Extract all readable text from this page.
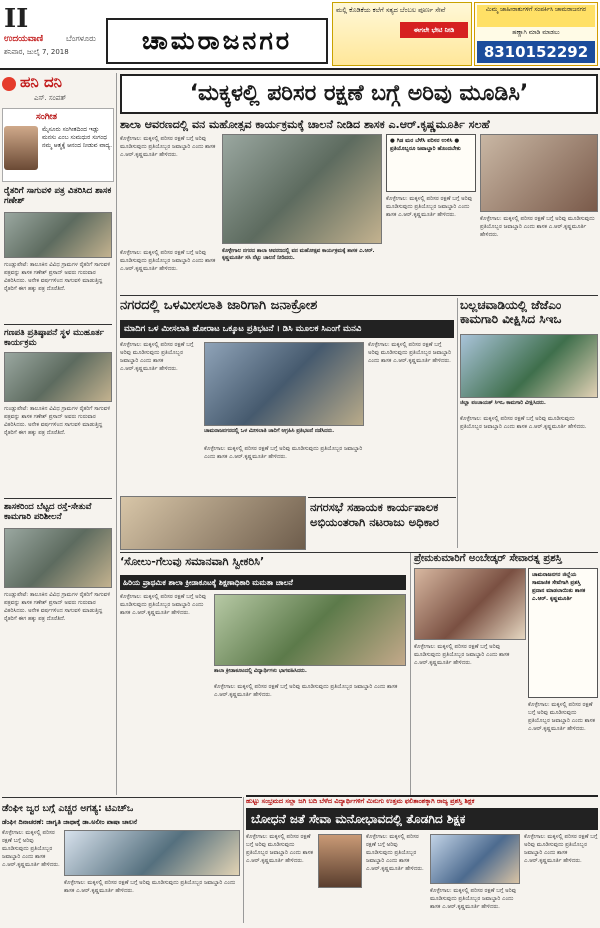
II
ಉದಯವಾಣಿ	ಬೆಂಗಳೂರು
ಶನಿವಾರ, ಜುಲೈ 7, 2018	ಚಾಮರಾಜನಗರ
ಮಲ್ಲಿ ಕೊಡಿಕೆಯ ಕಲೆಗೆ ಸತ್ಯದ ಬೆಂಬಲ ಪೂರ್ಣ ಸೇವೆ
ಈಗಲೇ ಭೇಟಿ ನೀಡಿ
ಮಿಮ್ಮ ಜಾಹೀರಾತುಗಳಿಗೆ ಸಂಪರ್ಕಿಸಿ ಚಾಮರಾಜನಗರ
ಹಣ್ಣಾಗಿ ಮಾಡಿ ಮಾಡಲು
8310152292
ಹನಿ ದನಿ
ಎಸ್. ಸಂಪತ್
ಸಂಗೀತ
ಮೈಸೂರು ಸಂಗೀತದಿಂದ ಇಡ್ಲು ಮನಸು ಎಂಬ ಸುಮಧುರ ಸುಗಂಧ ನಮ್ಮ ಆತ್ಮಕ್ಕೆ ಆನಂದ ನೀಡುವ ವಾದ್ಯ.
ರೈತರಿಗೆ ಸಾಗುವಳಿ ಪತ್ರ ವಿತರಿಸಿದ ಶಾಸಕ ಗಣೇಶ್
ಗುಂಡ್ಲುಪೇಟೆ: ತಾಲೂಕಿನ ವಿವಿಧ ಗ್ರಾಮಗಳ ರೈತರಿಗೆ ಸಾಗುವಳಿ ಪತ್ರವನ್ನು ಶಾಸಕ ಗಣೇಶ್ ಪ್ರಸಾದ್ ಅವರು ಗುರುವಾರ ವಿತರಿಸಿದರು. ಅನೇಕ ವರ್ಷಗಳಿಂದ ಸಾಗುವಳಿ ಮಾಡುತ್ತಿದ್ದ ರೈತರಿಗೆ ಈಗ ಹಕ್ಕು ಪತ್ರ ದೊರೆತಿದೆ.
ಗಣಪತಿ ಪ್ರತಿಷ್ಠಾಪನೆ ಸ್ಥಳ ಮುಹೂರ್ತ ಕಾರ್ಯಕ್ರಮ
ಗುಂಡ್ಲುಪೇಟೆ: ತಾಲೂಕಿನ ವಿವಿಧ ಗ್ರಾಮಗಳ ರೈತರಿಗೆ ಸಾಗುವಳಿ ಪತ್ರವನ್ನು ಶಾಸಕ ಗಣೇಶ್ ಪ್ರಸಾದ್ ಅವರು ಗುರುವಾರ ವಿತರಿಸಿದರು. ಅನೇಕ ವರ್ಷಗಳಿಂದ ಸಾಗುವಳಿ ಮಾಡುತ್ತಿದ್ದ ರೈತರಿಗೆ ಈಗ ಹಕ್ಕು ಪತ್ರ ದೊರೆತಿದೆ.
ಶಾಸಕರಿಂದ ಬೆಟ್ಟದ ರಸ್ತೆ-ಸೇತುವೆ ಕಾಮಗಾರಿ ಪರಿಶೀಲನೆ
ಗುಂಡ್ಲುಪೇಟೆ: ತಾಲೂಕಿನ ವಿವಿಧ ಗ್ರಾಮಗಳ ರೈತರಿಗೆ ಸಾಗುವಳಿ ಪತ್ರವನ್ನು ಶಾಸಕ ಗಣೇಶ್ ಪ್ರಸಾದ್ ಅವರು ಗುರುವಾರ ವಿತರಿಸಿದರು. ಅನೇಕ ವರ್ಷಗಳಿಂದ ಸಾಗುವಳಿ ಮಾಡುತ್ತಿದ್ದ ರೈತರಿಗೆ ಈಗ ಹಕ್ಕು ಪತ್ರ ದೊರೆತಿದೆ.
‘ಮಕ್ಕಳಲ್ಲಿ ಪರಿಸರ ರಕ್ಷಣೆ ಬಗ್ಗೆ ಅರಿವು ಮೂಡಿಸಿ’
ಶಾಲಾ ಆವರಣದಲ್ಲಿ ವನ ಮಹೋತ್ಸವ ಕಾರ್ಯಕ್ರಮಕ್ಕೆ ಚಾಲನೆ ನೀಡಿದ ಶಾಸಕ ಎ.ಆರ್.ಕೃಷ್ಣಮೂರ್ತಿ ಸಲಹೆ
ಕೊಳ್ಳೇಗಾಲ: ಮಕ್ಕಳಲ್ಲಿ ಪರಿಸರ ರಕ್ಷಣೆ ಬಗ್ಗೆ ಅರಿವು ಮೂಡಿಸುವುದು ಪ್ರತಿಯೊಬ್ಬರ ಜವಾಬ್ದಾರಿ ಎಂದು ಶಾಸಕ ಎ.ಆರ್.ಕೃಷ್ಣಮೂರ್ತಿ ಹೇಳಿದರು.
● ಗಿಡ ಮರ ಬೆಳೆಸಿ ಪರಿಸರ ಉಳಿಸಿ ● ಪ್ರತಿಯೊಬ್ಬರೂ ಜವಾಬ್ದಾರಿ ಹೊಂದಬೇಕು
ಕೊಳ್ಳೇಗಾಲ: ಮಕ್ಕಳಲ್ಲಿ ಪರಿಸರ ರಕ್ಷಣೆ ಬಗ್ಗೆ ಅರಿವು ಮೂಡಿಸುವುದು ಪ್ರತಿಯೊಬ್ಬರ ಜವಾಬ್ದಾರಿ ಎಂದು ಶಾಸಕ ಎ.ಆರ್.ಕೃಷ್ಣಮೂರ್ತಿ ಹೇಳಿದರು.
ಕೊಳ್ಳೇಗಾಲ: ಮಕ್ಕಳಲ್ಲಿ ಪರಿಸರ ರಕ್ಷಣೆ ಬಗ್ಗೆ ಅರಿವು ಮೂಡಿಸುವುದು ಪ್ರತಿಯೊಬ್ಬರ ಜವಾಬ್ದಾರಿ ಎಂದು ಶಾಸಕ ಎ.ಆರ್.ಕೃಷ್ಣಮೂರ್ತಿ ಹೇಳಿದರು.
ಕೊಳ್ಳೇಗಾಲ ನಗರದ ಶಾಲಾ ಆವರಣದಲ್ಲಿ ವನ ಮಹೋತ್ಸವ ಕಾರ್ಯಕ್ರಮಕ್ಕೆ ಶಾಸಕ ಎ.ಆರ್. ಕೃಷ್ಣಮೂರ್ತಿ ಸಸಿ ನೆಟ್ಟು ಚಾಲನೆ ನೀಡಿದರು.
ಕೊಳ್ಳೇಗಾಲ: ಮಕ್ಕಳಲ್ಲಿ ಪರಿಸರ ರಕ್ಷಣೆ ಬಗ್ಗೆ ಅರಿವು ಮೂಡಿಸುವುದು ಪ್ರತಿಯೊಬ್ಬರ ಜವಾಬ್ದಾರಿ ಎಂದು ಶಾಸಕ ಎ.ಆರ್.ಕೃಷ್ಣಮೂರ್ತಿ ಹೇಳಿದರು.
ನಗರದಲ್ಲಿ ಒಳಮೀಸಲಾತಿ ಜಾರಿಗಾಗಿ ಜನಾಕ್ರೋಶ
ಮಾದಿಗ ಒಳ ಮೀಸಲಾತಿ ಹೋರಾಟ ಒಕ್ಕೂಟ ಪ್ರತಿಭಟನೆ । ಡಿಸಿ ಮೂಲಕ ಸಿಎಂಗೆ ಮನವಿ
ಕೊಳ್ಳೇಗಾಲ: ಮಕ್ಕಳಲ್ಲಿ ಪರಿಸರ ರಕ್ಷಣೆ ಬಗ್ಗೆ ಅರಿವು ಮೂಡಿಸುವುದು ಪ್ರತಿಯೊಬ್ಬರ ಜವಾಬ್ದಾರಿ ಎಂದು ಶಾಸಕ ಎ.ಆರ್.ಕೃಷ್ಣಮೂರ್ತಿ ಹೇಳಿದರು.
ಚಾಮರಾಜನಗರದಲ್ಲಿ ಒಳ ಮೀಸಲಾತಿ ಜಾರಿಗೆ ಆಗ್ರಹಿಸಿ ಪ್ರತಿಭಟನೆ ನಡೆಸಿದರು.
ಕೊಳ್ಳೇಗಾಲ: ಮಕ್ಕಳಲ್ಲಿ ಪರಿಸರ ರಕ್ಷಣೆ ಬಗ್ಗೆ ಅರಿವು ಮೂಡಿಸುವುದು ಪ್ರತಿಯೊಬ್ಬರ ಜವಾಬ್ದಾರಿ ಎಂದು ಶಾಸಕ ಎ.ಆರ್.ಕೃಷ್ಣಮೂರ್ತಿ ಹೇಳಿದರು.
ಕೊಳ್ಳೇಗಾಲ: ಮಕ್ಕಳಲ್ಲಿ ಪರಿಸರ ರಕ್ಷಣೆ ಬಗ್ಗೆ ಅರಿವು ಮೂಡಿಸುವುದು ಪ್ರತಿಯೊಬ್ಬರ ಜವಾಬ್ದಾರಿ ಎಂದು ಶಾಸಕ ಎ.ಆರ್.ಕೃಷ್ಣಮೂರ್ತಿ ಹೇಳಿದರು.
ಬಲ್ಲಚವಾಡಿಯಲ್ಲಿ ಜೆಜೆಎಂ ಕಾಮಗಾರಿ ವೀಕ್ಷಿಸಿದ ಸಿಇಒ
ಜಿಲ್ಲಾ ಪಂಚಾಯತ್ ಸಿಇಒ ಕಾಮಗಾರಿ ವೀಕ್ಷಿಸಿದರು.
ಕೊಳ್ಳೇಗಾಲ: ಮಕ್ಕಳಲ್ಲಿ ಪರಿಸರ ರಕ್ಷಣೆ ಬಗ್ಗೆ ಅರಿವು ಮೂಡಿಸುವುದು ಪ್ರತಿಯೊಬ್ಬರ ಜವಾಬ್ದಾರಿ ಎಂದು ಶಾಸಕ ಎ.ಆರ್.ಕೃಷ್ಣಮೂರ್ತಿ ಹೇಳಿದರು.
ನಗರಸಭೆ ಸಹಾಯಕ ಕಾರ್ಯಪಾಲಕ ಅಭಿಯಂತರಾಗಿ ನಟರಾಜು ಅಧಿಕಾರ
‘ಸೋಲು-ಗೆಲುವು ಸಮಾನವಾಗಿ ಸ್ವೀಕರಿಸಿ’
ಹಿರಿಯ ಪ್ರಾಥಮಿಕ ಶಾಲಾ ಕ್ರೀಡಾಕೂಟಕ್ಕೆ ಶಿಕ್ಷಣಾಧಿಕಾರಿ ಮಮತಾ ಚಾಲನೆ
ಕೊಳ್ಳೇಗಾಲ: ಮಕ್ಕಳಲ್ಲಿ ಪರಿಸರ ರಕ್ಷಣೆ ಬಗ್ಗೆ ಅರಿವು ಮೂಡಿಸುವುದು ಪ್ರತಿಯೊಬ್ಬರ ಜವಾಬ್ದಾರಿ ಎಂದು ಶಾಸಕ ಎ.ಆರ್.ಕೃಷ್ಣಮೂರ್ತಿ ಹೇಳಿದರು.
ಶಾಲಾ ಕ್ರೀಡಾಕೂಟದಲ್ಲಿ ವಿದ್ಯಾರ್ಥಿಗಳು ಭಾಗವಹಿಸಿದರು.
ಕೊಳ್ಳೇಗಾಲ: ಮಕ್ಕಳಲ್ಲಿ ಪರಿಸರ ರಕ್ಷಣೆ ಬಗ್ಗೆ ಅರಿವು ಮೂಡಿಸುವುದು ಪ್ರತಿಯೊಬ್ಬರ ಜವಾಬ್ದಾರಿ ಎಂದು ಶಾಸಕ ಎ.ಆರ್.ಕೃಷ್ಣಮೂರ್ತಿ ಹೇಳಿದರು.
ಪ್ರೇಮಕುಮಾರಿಗೆ ಅಂಬೇಡ್ಕರ್ ಸೇವಾರತ್ನ ಪ್ರಶಸ್ತಿ
ಚಾಮರಾಜನಗರ ಜಿಲ್ಲೆಯ ಸಾಮಾಜಿಕ ಸೇವೆಗಾಗಿ ಪ್ರಶಸ್ತಿ ಪ್ರದಾನ ಮಾಡಲಾಯಿತು ಶಾಸಕ ಎ.ಆರ್. ಕೃಷ್ಣಮೂರ್ತಿ
ಕೊಳ್ಳೇಗಾಲ: ಮಕ್ಕಳಲ್ಲಿ ಪರಿಸರ ರಕ್ಷಣೆ ಬಗ್ಗೆ ಅರಿವು ಮೂಡಿಸುವುದು ಪ್ರತಿಯೊಬ್ಬರ ಜವಾಬ್ದಾರಿ ಎಂದು ಶಾಸಕ ಎ.ಆರ್.ಕೃಷ್ಣಮೂರ್ತಿ ಹೇಳಿದರು.
ಕೊಳ್ಳೇಗಾಲ: ಮಕ್ಕಳಲ್ಲಿ ಪರಿಸರ ರಕ್ಷಣೆ ಬಗ್ಗೆ ಅರಿವು ಮೂಡಿಸುವುದು ಪ್ರತಿಯೊಬ್ಬರ ಜವಾಬ್ದಾರಿ ಎಂದು ಶಾಸಕ ಎ.ಆರ್.ಕೃಷ್ಣಮೂರ್ತಿ ಹೇಳಿದರು.
ಡೆಂಘೀ ಜ್ವರ ಬಗ್ಗೆ ಎಚ್ಚರ ಅಗತ್ಯ: ಟಿಎಚ್ಒ
ಡೆಂಘೀ ದಿನಾಚರಣೆ: ಜಾಗೃತಿ ಜಾಥಾಕ್ಕೆ ಡಾ.ಅಲೀಂ ಪಾಷಾ ಚಾಲನೆ
ಕೊಳ್ಳೇಗಾಲ: ಮಕ್ಕಳಲ್ಲಿ ಪರಿಸರ ರಕ್ಷಣೆ ಬಗ್ಗೆ ಅರಿವು ಮೂಡಿಸುವುದು ಪ್ರತಿಯೊಬ್ಬರ ಜವಾಬ್ದಾರಿ ಎಂದು ಶಾಸಕ ಎ.ಆರ್.ಕೃಷ್ಣಮೂರ್ತಿ ಹೇಳಿದರು.
ಕೊಳ್ಳೇಗಾಲ: ಮಕ್ಕಳಲ್ಲಿ ಪರಿಸರ ರಕ್ಷಣೆ ಬಗ್ಗೆ ಅರಿವು ಮೂಡಿಸುವುದು ಪ್ರತಿಯೊಬ್ಬರ ಜವಾಬ್ದಾರಿ ಎಂದು ಶಾಸಕ ಎ.ಆರ್.ಕೃಷ್ಣಮೂರ್ತಿ ಹೇಳಿದರು.
ಹುಟ್ಟು ಸಂಭ್ರಮದ ಸಲ್ಲಾ ಜಗಿ ಬದಿ ಬೆಳೆದ ವಿದ್ಯಾರ್ಥಿಗಳಿಗೆ ಮಿನುಗು ಉತ್ತಮ ಫಲಿತಾಂಶಕ್ಕಾಗಿ ರಾಜ್ಯ ಪ್ರಶಸ್ತಿ ಶಿಕ್ಷಕ
ಬೋಧನೆ ಜತೆ ಸೇವಾ ಮನೋಭಾವದಲ್ಲಿ ತೊಡಗಿದ ಶಿಕ್ಷಕ
ಕೊಳ್ಳೇಗಾಲ: ಮಕ್ಕಳಲ್ಲಿ ಪರಿಸರ ರಕ್ಷಣೆ ಬಗ್ಗೆ ಅರಿವು ಮೂಡಿಸುವುದು ಪ್ರತಿಯೊಬ್ಬರ ಜವಾಬ್ದಾರಿ ಎಂದು ಶಾಸಕ ಎ.ಆರ್.ಕೃಷ್ಣಮೂರ್ತಿ ಹೇಳಿದರು.
ಕೊಳ್ಳೇಗಾಲ: ಮಕ್ಕಳಲ್ಲಿ ಪರಿಸರ ರಕ್ಷಣೆ ಬಗ್ಗೆ ಅರಿವು ಮೂಡಿಸುವುದು ಪ್ರತಿಯೊಬ್ಬರ ಜವಾಬ್ದಾರಿ ಎಂದು ಶಾಸಕ ಎ.ಆರ್.ಕೃಷ್ಣಮೂರ್ತಿ ಹೇಳಿದರು.
ಕೊಳ್ಳೇಗಾಲ: ಮಕ್ಕಳಲ್ಲಿ ಪರಿಸರ ರಕ್ಷಣೆ ಬಗ್ಗೆ ಅರಿವು ಮೂಡಿಸುವುದು ಪ್ರತಿಯೊಬ್ಬರ ಜವಾಬ್ದಾರಿ ಎಂದು ಶಾಸಕ ಎ.ಆರ್.ಕೃಷ್ಣಮೂರ್ತಿ ಹೇಳಿದರು.
ಕೊಳ್ಳೇಗಾಲ: ಮಕ್ಕಳಲ್ಲಿ ಪರಿಸರ ರಕ್ಷಣೆ ಬಗ್ಗೆ ಅರಿವು ಮೂಡಿಸುವುದು ಪ್ರತಿಯೊಬ್ಬರ ಜವಾಬ್ದಾರಿ ಎಂದು ಶಾಸಕ ಎ.ಆರ್.ಕೃಷ್ಣಮೂರ್ತಿ ಹೇಳಿದರು.
